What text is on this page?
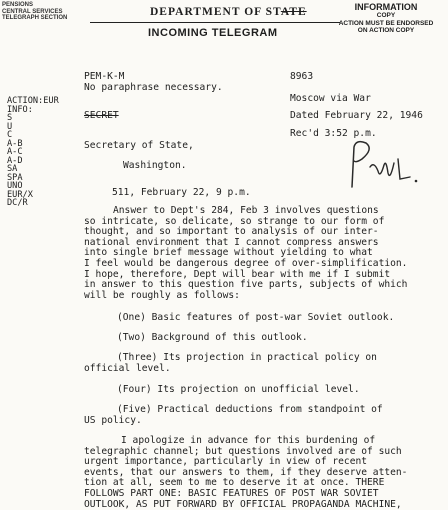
PENSIONS
CENTRAL SERVICES
TELEGRAPH SECTION	DEPARTMENT OF STATE	INFORMATION
COPY
ACTION MUST BE ENDORSED
ON ACTION COPY
INCOMING TELEGRAM
PEM-K-M
No paraphrase necessary.
8963
Moscow via War
Dated February 22, 1946
Rec'd 3:52 p.m.
SECRET
ACTION:EUR
INFO:
S
U
C
A-B
A-C
A-D
SA
SPA
UNO
EUR/X
DC/R
Secretary of State,
Washington.
511, February 22, 9 p.m.
Answer to Dept's 284, Feb 3 involves questions
so intricate, so delicate, so strange to our form of
thought, and so important to analysis of our inter-
national environment that I cannot compress answers
into single brief message without yielding to what
I feel would be dangerous degree of over-simplification.
I hope, therefore, Dept will bear with me if I submit
in answer to this question five parts, subjects of which
will be roughly as follows:
(One) Basic features of post-war Soviet outlook.
(Two) Background of this outlook.
(Three) Its projection in practical policy on
official level.
(Four) Its projection on unofficial level.
(Five) Practical deductions from standpoint of
US policy.
I apologize in advance for this burdening of
telegraphic channel; but questions involved are of such
urgent importance, particularly in view of recent
events, that our answers to them, if they deserve atten-
tion at all, seem to me to deserve it at once. THERE
FOLLOWS PART ONE: BASIC FEATURES OF POST WAR SOVIET
OUTLOOK, AS PUT FORWARD BY OFFICIAL PROPAGANDA MACHINE,
